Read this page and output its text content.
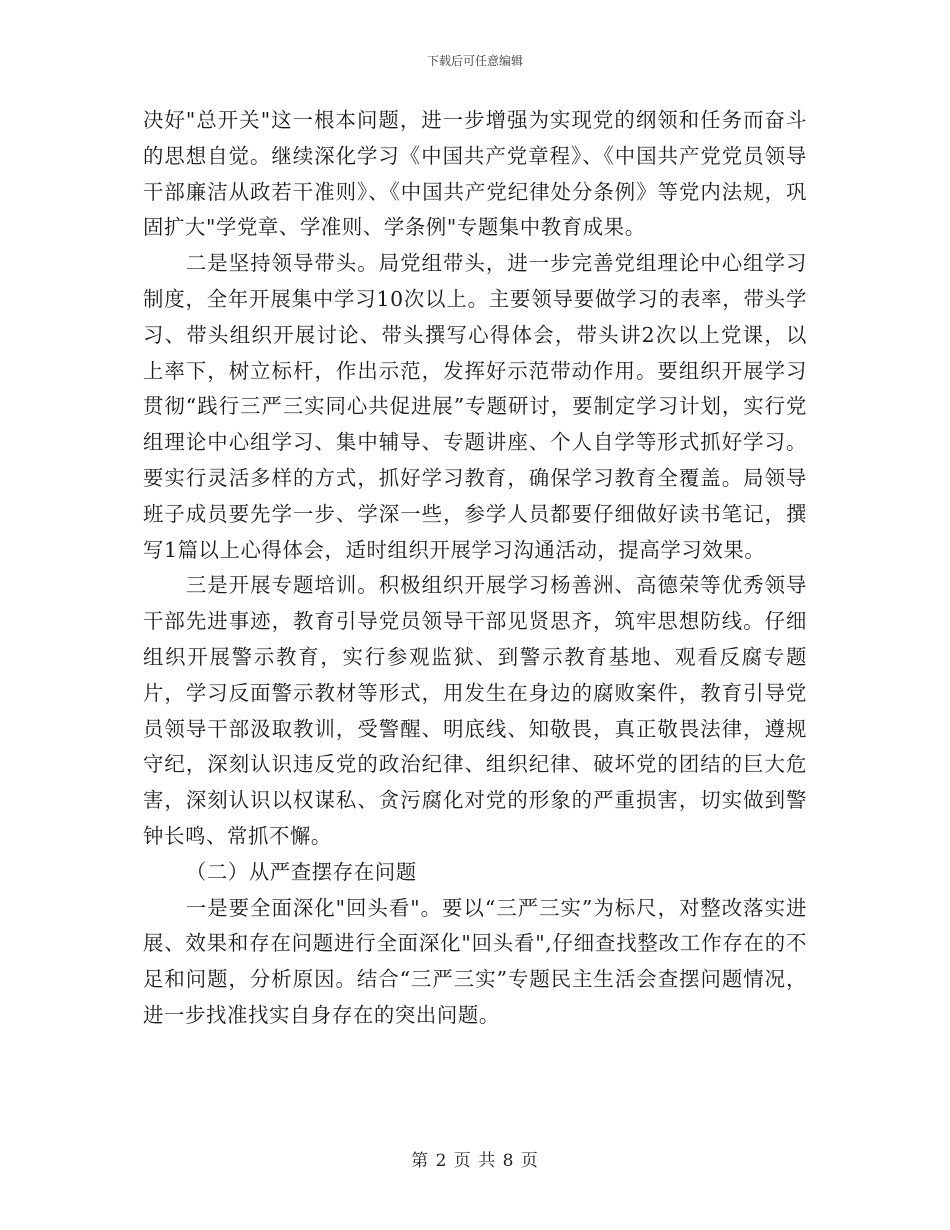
下载后可任意编辑

决好"总开关"这一根本问题，进一步增强为实现党的纲领和任务而奋斗的思想自觉。继续深化学习《中国共产党章程》、《中国共产党党员领导干部廉洁从政若干准则》、《中国共产党纪律处分条例》等党内法规，巩固扩大"学党章、学准则、学条例"专题集中教育成果。

二是坚持领导带头。局党组带头，进一步完善党组理论中心组学习制度，全年开展集中学习10次以上。主要领导要做学习的表率，带头学习、带头组织开展讨论、带头撰写心得体会，带头讲2次以上党课，以上率下，树立标杆，作出示范，发挥好示范带动作用。要组织开展学习贯彻“践行三严三实同心共促进展”专题研讨，要制定学习计划，实行党组理论中心组学习、集中辅导、专题讲座、个人自学等形式抓好学习。要实行灵活多样的方式，抓好学习教育，确保学习教育全覆盖。局领导班子成员要先学一步、学深一些，参学人员都要仔细做好读书笔记，撰写1篇以上心得体会，适时组织开展学习沟通活动，提高学习效果。

三是开展专题培训。积极组织开展学习杨善洲、高德荣等优秀领导干部先进事迹，教育引导党员领导干部见贤思齐，筑牢思想防线。仔细组织开展警示教育，实行参观监狱、到警示教育基地、观看反腐专题片，学习反面警示教材等形式，用发生在身边的腐败案件，教育引导党员领导干部汲取教训，受警醒、明底线、知敬畏，真正敬畏法律，遵规守纪，深刻认识违反党的政治纪律、组织纪律、破坏党的团结的巨大危害，深刻认识以权谋私、贪污腐化对党的形象的严重损害，切实做到警钟长鸣、常抓不懈。

（二）从严查摆存在问题

一是要全面深化"回头看"。要以“三严三实”为标尺，对整改落实进展、效果和存在问题进行全面深化"回头看",仔细查找整改工作存在的不足和问题，分析原因。结合“三严三实”专题民主生活会查摆问题情况，进一步找准找实自身存在的突出问题。

第 2 页 共 8 页
